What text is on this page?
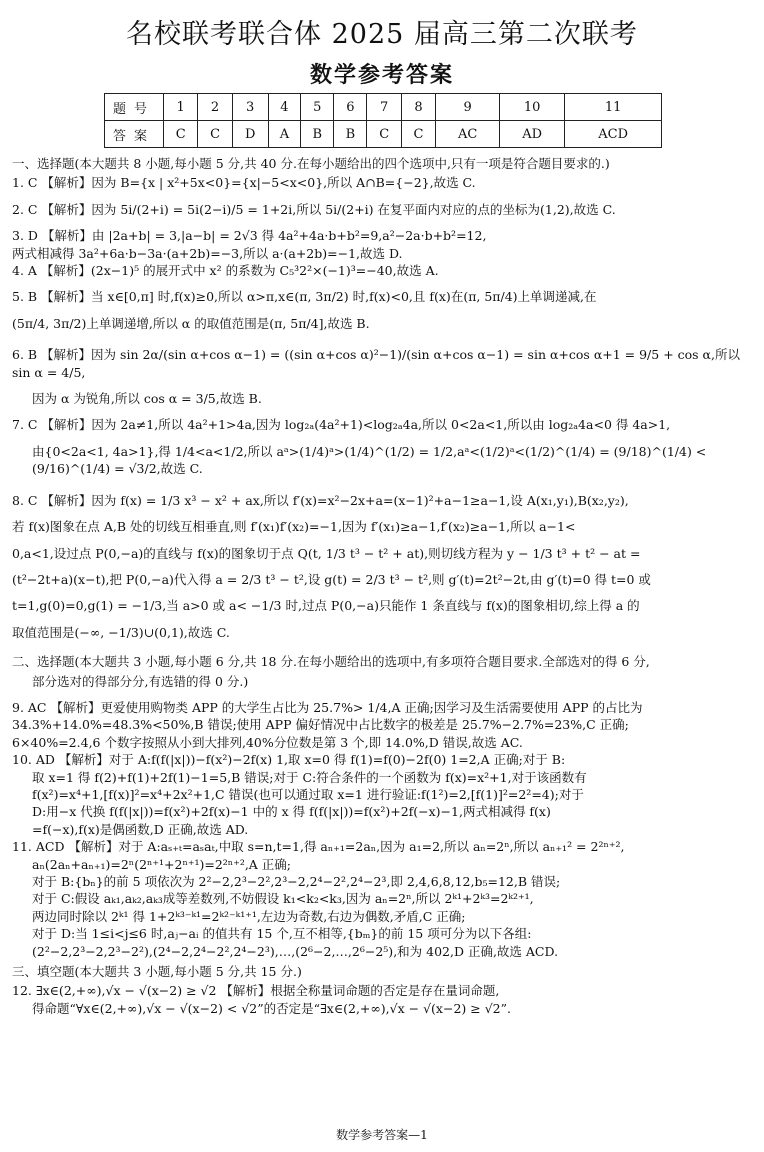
名校联考联合体 2025 届高三第二次联考
数学参考答案
题号	1	2	3	4	5	6	7	8	9	10	11
答案	C	C	D	A	B	B	C	C	AC	AD	ACD

一、选择题(本大题共 8 小题,每小题 5 分,共 40 分.在每小题给出的四个选项中,只有一项是符合题目要求的.)

1. C 【解析】因为 B={x | x²+5x<0}={x|−5<x<0},所以 A∩B={−2},故选 C.

2. C 【解析】因为 5i/(2+i) = 5i(2−i)/5 = 1+2i,所以 5i/(2+i) 在复平面内对应的点的坐标为(1,2),故选 C.

3. D 【解析】由 |2a+b| = 3,|a−b| = 2√3 得 4a²+4a·b+b²=9,a²−2a·b+b²=12,

两式相减得 3a²+6a·b−3a·(a+2b)=−3,所以 a·(a+2b)=−1,故选 D.

4. A 【解析】(2x−1)⁵ 的展开式中 x² 的系数为 C₅³2²×(−1)³=−40,故选 A.

5. B 【解析】当 x∈[0,π] 时,f(x)≥0,所以 α>π,x∈(π, 3π/2) 时,f(x)<0,且 f(x)在(π, 5π/4)上单调递减,在

(5π/4, 3π/2)上单调递增,所以 α 的取值范围是(π, 5π/4],故选 B.

6. B 【解析】因为 sin 2α/(sin α+cos α−1) = ((sin α+cos α)²−1)/(sin α+cos α−1) = sin α+cos α+1 = 9/5 + cos α,所以 sin α = 4/5,

因为 α 为锐角,所以 cos α = 3/5,故选 B.

7. C 【解析】因为 2a≠1,所以 4a²+1>4a,因为 log₂ₐ(4a²+1)<log₂ₐ4a,所以 0<2a<1,所以由 log₂ₐ4a<0 得 4a>1,

由{0<2a<1, 4a>1},得 1/4<a<1/2,所以 aᵃ>(1/4)ᵃ>(1/4)^(1/2) = 1/2,aᵃ<(1/2)ᵃ<(1/2)^(1/4) = (9/18)^(1/4) < (9/16)^(1/4) = √3/2,故选 C.

8. C 【解析】因为 f(x) = 1/3 x³ − x² + ax,所以 f′(x)=x²−2x+a=(x−1)²+a−1≥a−1,设 A(x₁,y₁),B(x₂,y₂),

若 f(x)图象在点 A,B 处的切线互相垂直,则 f′(x₁)f′(x₂)=−1,因为 f′(x₁)≥a−1,f′(x₂)≥a−1,所以 a−1<

0,a<1,设过点 P(0,−a)的直线与 f(x)的图象切于点 Q(t, 1/3 t³ − t² + at),则切线方程为 y − 1/3 t³ + t² − at =

(t²−2t+a)(x−t),把 P(0,−a)代入得 a = 2/3 t³ − t²,设 g(t) = 2/3 t³ − t²,则 g′(t)=2t²−2t,由 g′(t)=0 得 t=0 或

t=1,g(0)=0,g(1) = −1/3,当 a>0 或 a< −1/3 时,过点 P(0,−a)只能作 1 条直线与 f(x)的图象相切,综上得 a 的

取值范围是(−∞, −1/3)∪(0,1),故选 C.

二、选择题(本大题共 3 小题,每小题 6 分,共 18 分.在每小题给出的选项中,有多项符合题目要求.全部选对的得 6 分,

部分选对的得部分分,有选错的得 0 分.)

9. AC 【解析】更爱使用购物类 APP 的大学生占比为 25.7%> 1/4,A 正确;因学习及生活需要使用 APP 的占比为

34.3%+14.0%=48.3%<50%,B 错误;使用 APP 偏好情况中占比数字的极差是 25.7%−2.7%=23%,C 正确;

6×40%=2.4,6 个数字按照从小到大排列,40%分位数是第 3 个,即 14.0%,D 错误,故选 AC.

10. AD 【解析】对于 A:f(f(|x|))−f(x²)−2f(x) 1,取 x=0 得 f(1)=f(0)−2f(0) 1=2,A 正确;对于 B:

取 x=1 得 f(2)+f(1)+2f(1)−1=5,B 错误;对于 C:符合条件的一个函数为 f(x)=x²+1,对于该函数有

f(x²)=x⁴+1,[f(x)]²=x⁴+2x²+1,C 错误(也可以通过取 x=1 进行验证:f(1²)=2,[f(1)]²=2²=4);对于

D:用−x 代换 f(f(|x|))=f(x²)+2f(x)−1 中的 x 得 f(f(|x|))=f(x²)+2f(−x)−1,两式相减得 f(x)

=f(−x),f(x)是偶函数,D 正确,故选 AD.

11. ACD 【解析】对于 A:aₛ₊ₜ=aₛaₜ,中取 s=n,t=1,得 aₙ₊₁=2aₙ,因为 a₁=2,所以 aₙ=2ⁿ,所以 aₙ₊₁² = 2²ⁿ⁺²,

aₙ(2aₙ+aₙ₊₁)=2ⁿ(2ⁿ⁺¹+2ⁿ⁺¹)=2²ⁿ⁺²,A 正确;

对于 B:{bₙ}的前 5 项依次为 2²−2,2³−2²,2³−2,2⁴−2²,2⁴−2³,即 2,4,6,8,12,b₅=12,B 错误;

对于 C:假设 aₖ₁,aₖ₂,aₖ₃成等差数列,不妨假设 k₁<k₂<k₃,因为 aₙ=2ⁿ,所以 2ᵏ¹+2ᵏ³=2ᵏ²⁺¹,

两边同时除以 2ᵏ¹ 得 1+2ᵏ³⁻ᵏ¹=2ᵏ²⁻ᵏ¹⁺¹,左边为奇数,右边为偶数,矛盾,C 正确;

对于 D:当 1≤i<j≤6 时,aⱼ−aᵢ 的值共有 15 个,互不相等,{bₘ}的前 15 项可分为以下各组:

(2²−2,2³−2,2³−2²),(2⁴−2,2⁴−2²,2⁴−2³),…,(2⁶−2,…,2⁶−2⁵),和为 402,D 正确,故选 ACD.

三、填空题(本大题共 3 小题,每小题 5 分,共 15 分.)

12. ∃x∈(2,+∞),√x − √(x−2) ≥ √2 【解析】根据全称量词命题的否定是存在量词命题,

得命题“∀x∈(2,+∞),√x − √(x−2) < √2”的否定是“∃x∈(2,+∞),√x − √(x−2) ≥ √2”.

数学参考答案—1
